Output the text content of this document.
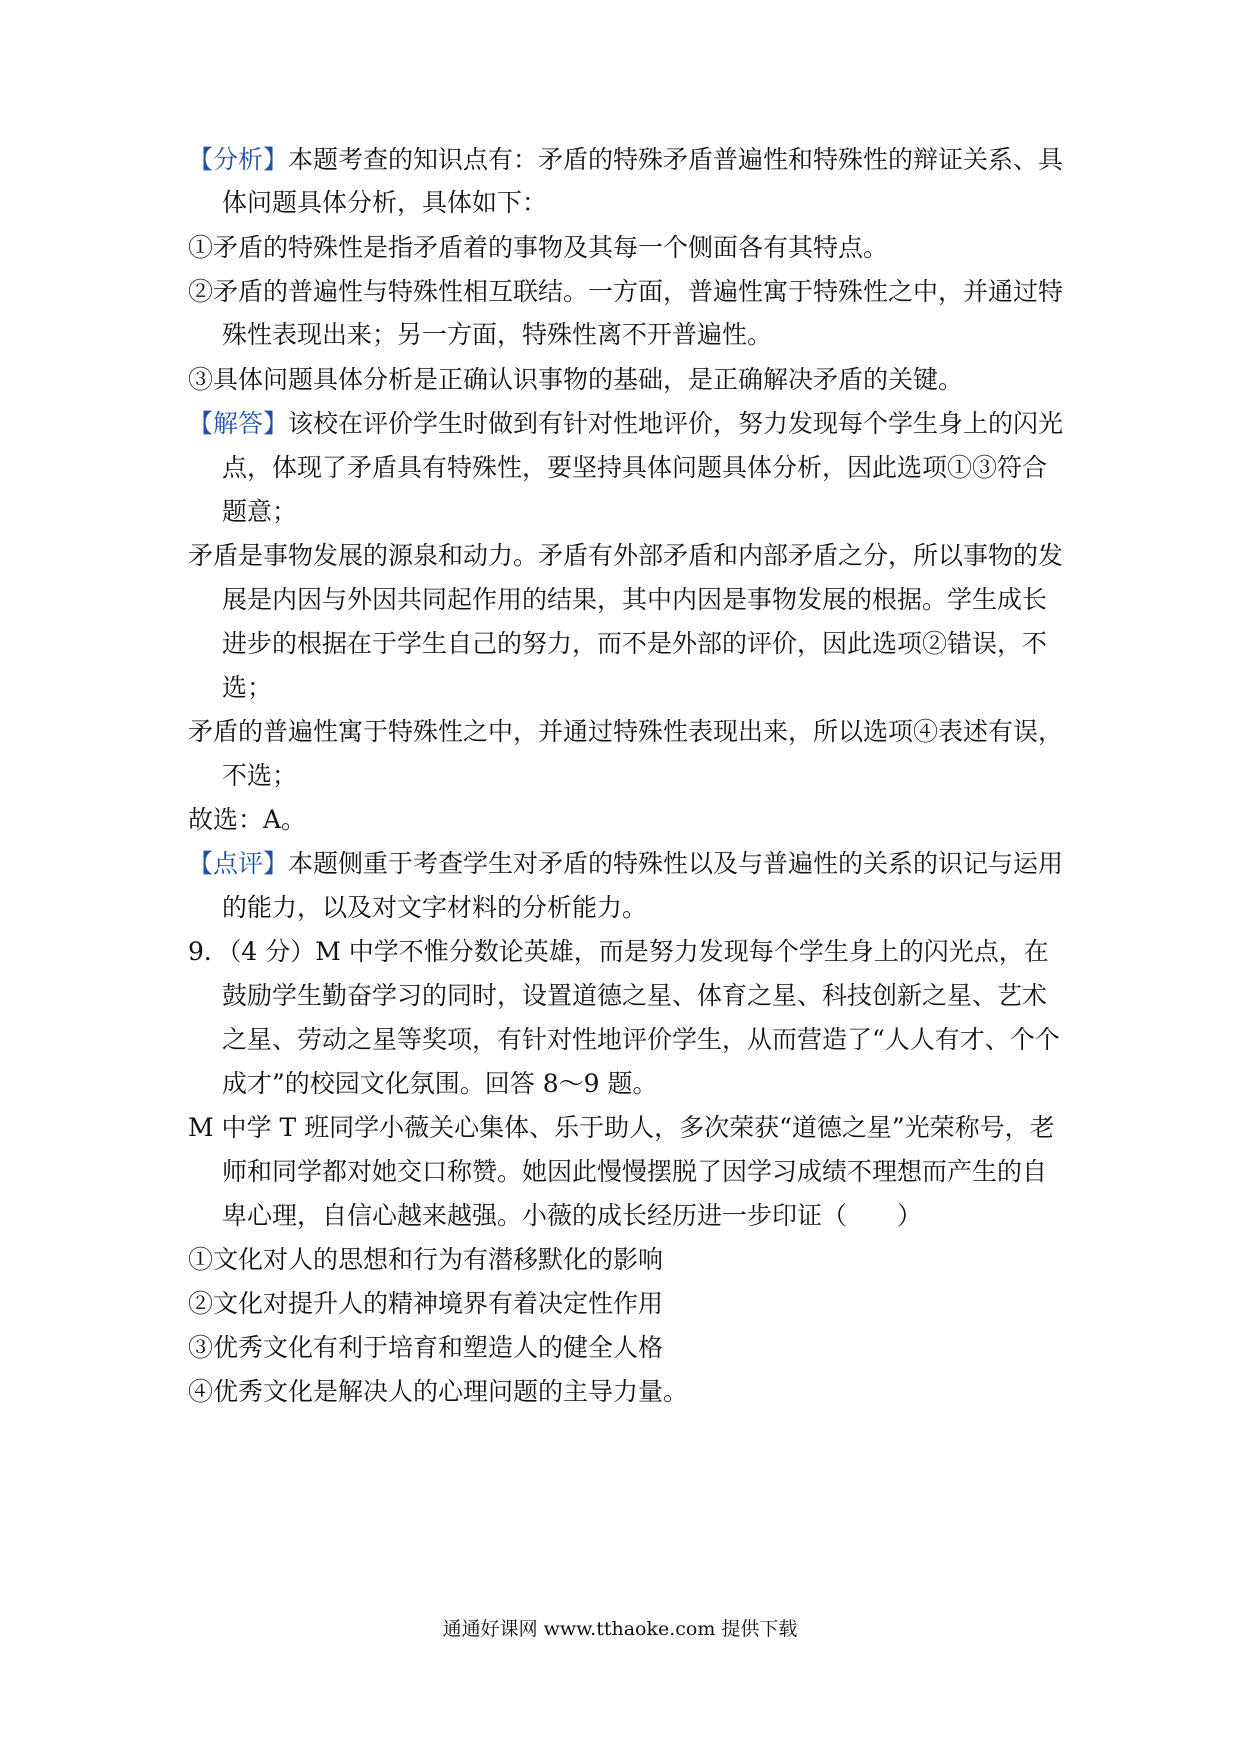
【分析】本题考查的知识点有：矛盾的特殊矛盾普遍性和特殊性的辩证关系、具
体问题具体分析，具体如下：
①矛盾的特殊性是指矛盾着的事物及其每一个侧面各有其特点。
②矛盾的普遍性与特殊性相互联结。一方面，普遍性寓于特殊性之中，并通过特
殊性表现出来；另一方面，特殊性离不开普遍性。
③具体问题具体分析是正确认识事物的基础，是正确解决矛盾的关键。
【解答】该校在评价学生时做到有针对性地评价，努力发现每个学生身上的闪光
点，体现了矛盾具有特殊性，要坚持具体问题具体分析，因此选项①③符合
题意；
矛盾是事物发展的源泉和动力。矛盾有外部矛盾和内部矛盾之分，所以事物的发
展是内因与外因共同起作用的结果，其中内因是事物发展的根据。学生成长
进步的根据在于学生自己的努力，而不是外部的评价，因此选项②错误，不
选；
矛盾的普遍性寓于特殊性之中，并通过特殊性表现出来，所以选项④表述有误，
不选；
故选：A。
【点评】本题侧重于考查学生对矛盾的特殊性以及与普遍性的关系的识记与运用
的能力，以及对文字材料的分析能力。
9．（4 分）M 中学不惟分数论英雄，而是努力发现每个学生身上的闪光点，在
鼓励学生勤奋学习的同时，设置道德之星、体育之星、科技创新之星、艺术
之星、劳动之星等奖项，有针对性地评价学生，从而营造了“人人有才、个个
成才”的校园文化氛围。回答 8～9 题。
M 中学 T 班同学小薇关心集体、乐于助人，多次荣获“道德之星”光荣称号，老
师和同学都对她交口称赞。她因此慢慢摆脱了因学习成绩不理想而产生的自
卑心理，自信心越来越强。小薇的成长经历进一步印证（　　）
①文化对人的思想和行为有潜移默化的影响
②文化对提升人的精神境界有着决定性作用
③优秀文化有利于培育和塑造人的健全人格
④优秀文化是解决人的心理问题的主导力量。
通通好课网 www.tthaoke.com 提供下载
